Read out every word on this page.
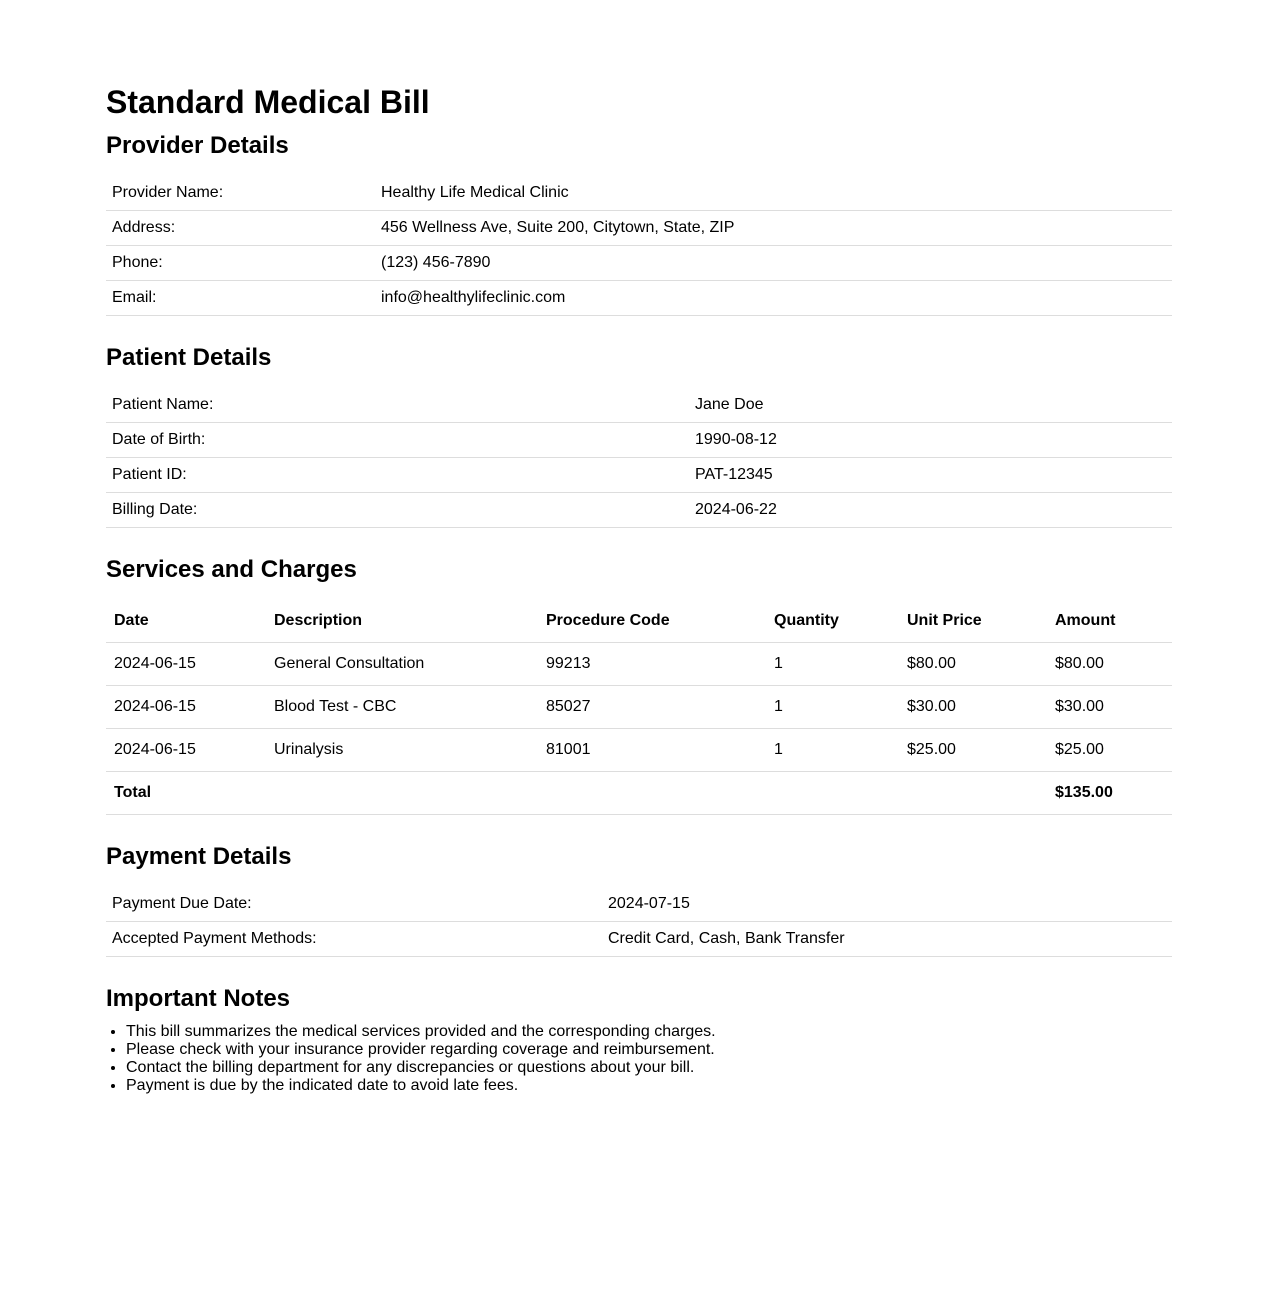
Standard Medical Bill
Provider Details
Provider Name:	Healthy Life Medical Clinic
Address:	456 Wellness Ave, Suite 200, Citytown, State, ZIP
Phone:	(123) 456-7890
Email:	info@healthylifeclinic.com
Patient Details
Patient Name:	Jane Doe
Date of Birth:	1990-08-12
Patient ID:	PAT-12345
Billing Date:	2024-06-22
Services and Charges
Date	Description	Procedure Code	Quantity	Unit Price	Amount
2024-06-15	General Consultation	99213	1	$80.00	$80.00
2024-06-15	Blood Test - CBC	85027	1	$30.00	$30.00
2024-06-15	Urinalysis	81001	1	$25.00	$25.00
Total					$135.00
Payment Details
Payment Due Date:	2024-07-15
Accepted Payment Methods:	Credit Card, Cash, Bank Transfer
Important Notes
• This bill summarizes the medical services provided and the corresponding charges.
• Please check with your insurance provider regarding coverage and reimbursement.
• Contact the billing department for any discrepancies or questions about your bill.
• Payment is due by the indicated date to avoid late fees.
